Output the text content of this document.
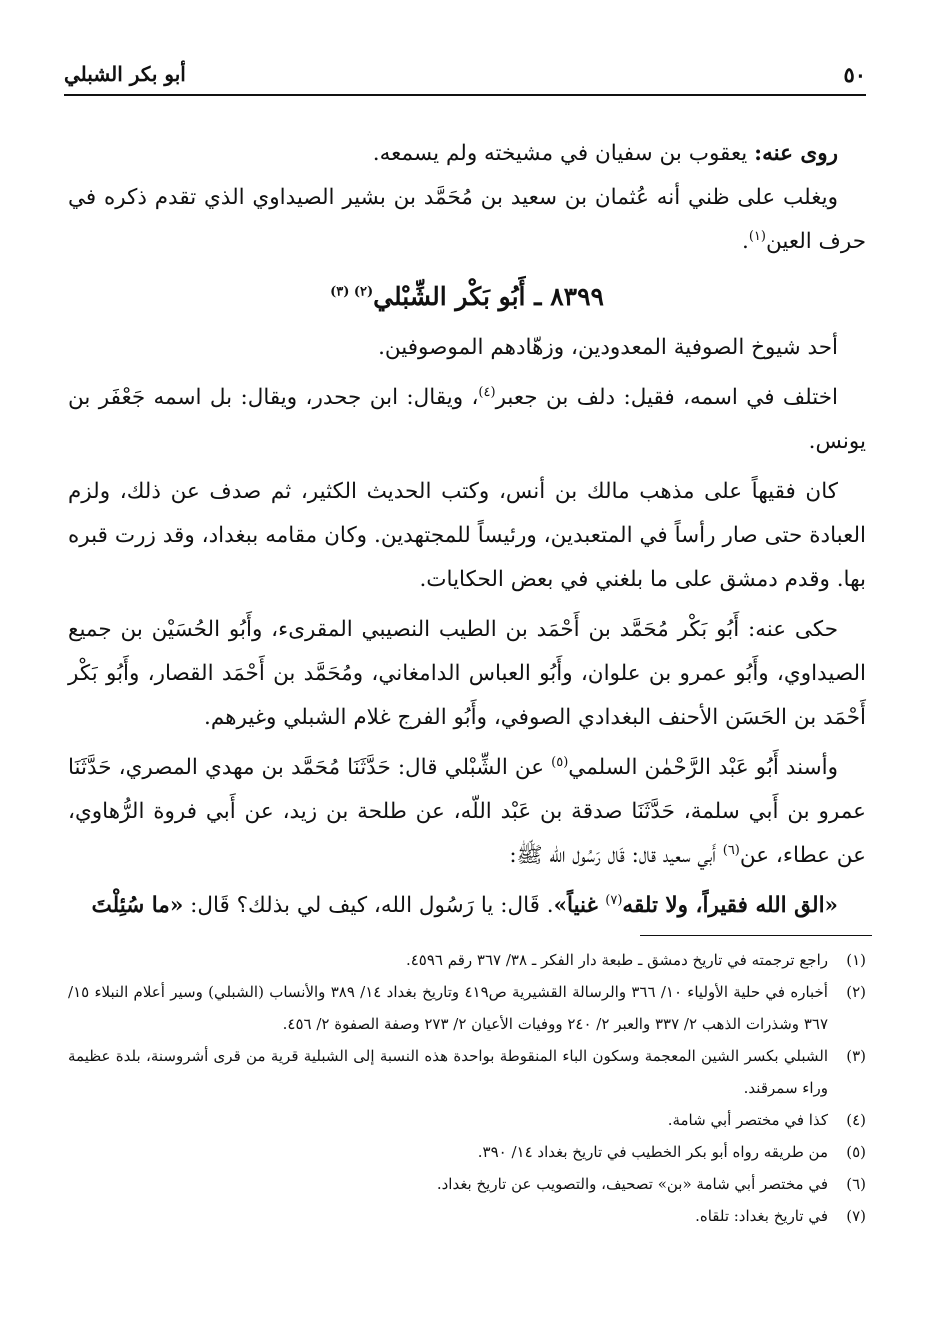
٥٠
أبو بكر الشبلي

روى عنه: يعقوب بن سفيان في مشيخته ولم يسمعه.

ويغلب على ظني أنه عُثمان بن سعيد بن مُحَمَّد بن بشير الصيداوي الذي تقدم ذكره في حرف العين$^{(١)}$.

٨٣٩٩ ـ أَبُو بَكْر الشِّبْلي$^{(٢) (٣)}$

أحد شيوخ الصوفية المعدودين، وزهّادهم الموصوفين.

اختلف في اسمه، فقيل: دلف بن جعبر$^{(٤)}$، ويقال: ابن جحدر، ويقال: بل اسمه جَعْفَر بن يونس.

كان فقيهاً على مذهب مالك بن أنس، وكتب الحديث الكثير، ثم صدف عن ذلك، ولزم العبادة حتى صار رأساً في المتعبدين، ورئيساً للمجتهدين. وكان مقامه ببغداد، وقد زرت قبره بها. وقدم دمشق على ما بلغني في بعض الحكايات.

حكى عنه: أَبُو بَكْر مُحَمَّد بن أَحْمَد بن الطيب النصيبي المقرىء، وأَبُو الحُسَيْن بن جميع الصيداوي، وأَبُو عمرو بن علوان، وأَبُو العباس الدامغاني، ومُحَمَّد بن أَحْمَد القصار، وأَبُو بَكْر أَحْمَد بن الحَسَن الأحنف البغدادي الصوفي، وأَبُو الفرج غلام الشبلي وغيرهم.

وأسند أَبُو عَبْد الرَّحْمٰن السلمي$^{(٥)}$ عن الشِّبْلي قال: حَدَّثَنَا مُحَمَّد بن مهدي المصري، حَدَّثَنَا عمرو بن أَبي سلمة، حَدَّثَنَا صدقة بن عَبْد اللّه، عن طلحة بن زيد، عن أَبي فروة الرُّهاوي، عن عطاء، عن$^{(٦)}$ أَبي سعيد قال: قَال رَسُول الله ﷺ:

«الق الله فقيراً، ولا تلقه$^{(٧)}$ غنياً». قَال: يا رَسُول الله، كيف لي بذلك؟ قَال: «ما سُئِلْتَ

(١)
راجع ترجمته في تاريخ دمشق ـ طبعة دار الفكر ـ ٣٨/ ٣٦٧ رقم ٤٥٩٦.
(٢)
أخباره في حلية الأولياء ١٠/ ٣٦٦ والرسالة القشيرية ص٤١٩ وتاريخ بغداد ١٤/ ٣٨٩ والأنساب (الشبلي) وسير أعلام النبلاء ١٥/ ٣٦٧ وشذرات الذهب ٢/ ٣٣٧ والعبر ٢/ ٢٤٠ ووفيات الأعيان ٢/ ٢٧٣ وصفة الصفوة ٢/ ٤٥٦.
(٣)
الشبلي بكسر الشين المعجمة وسكون الباء المنقوطة بواحدة هذه النسبة إلى الشبلية قرية من قرى أشروسنة، بلدة عظيمة وراء سمرقند.
(٤)
كذا في مختصر أبي شامة.
(٥)
من طريقه رواه أبو بكر الخطيب في تاريخ بغداد ١٤/ ٣٩٠.
(٦)
في مختصر أبي شامة «بن» تصحيف، والتصويب عن تاريخ بغداد.
(٧)
في تاريخ بغداد: تلقاه.
